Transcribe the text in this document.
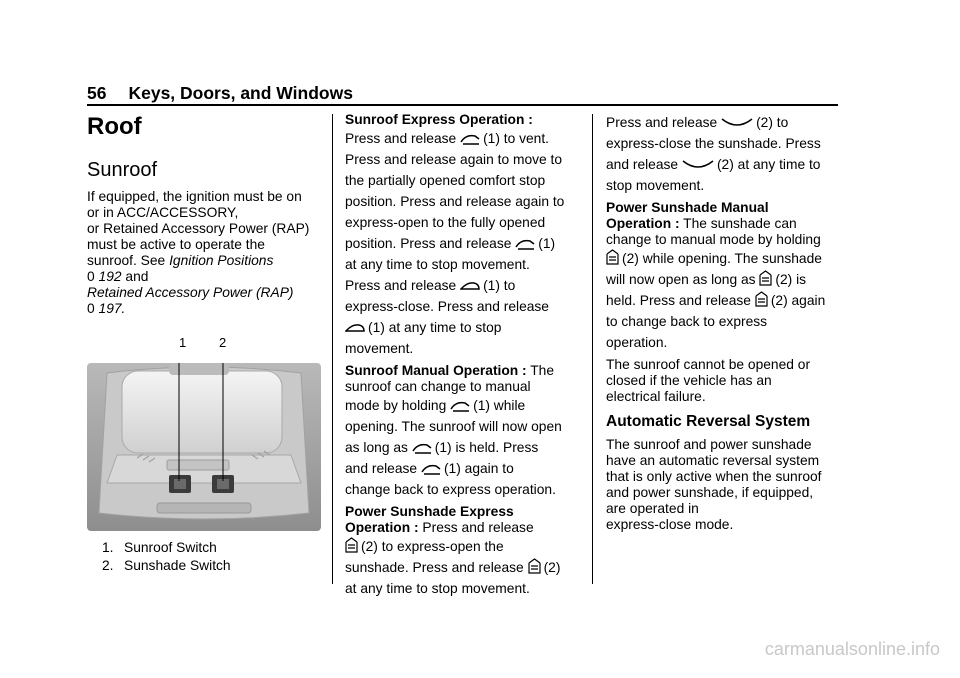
56 Keys, Doors, and Windows
Roof
Sunroof
If equipped, the ignition must be on
or in ACC/ACCESSORY,
or Retained Accessory Power (RAP)
must be active to operate the
sunroof. See Ignition Positions
0 192 and
Retained Accessory Power (RAP)
0 197.
1	2
1. Sunroof Switch
2. Sunshade Switch

Sunroof Express Operation :

Press and release (1) to vent.
Press and release again to move to
the partially opened comfort stop
position. Press and release again to
express-open to the fully opened
position. Press and release (1)
at any time to stop movement.
Press and release (1) to
express-close. Press and release
(1) at any time to stop
movement.
Sunroof Manual Operation : The
sunroof can change to manual
mode by holding (1) while
opening. The sunroof will now open
as long as (1) is held. Press
and release (1) again to
change back to express operation.
Power Sunshade Express
Operation : Press and release
(2) to express-open the
sunshade. Press and release (2)
at any time to stop movement.
Press and release	(2) to
express-close the sunshade. Press
and release	(2) at any time to
stop movement.
Power Sunshade Manual
Operation : The sunshade can
change to manual mode by holding
(2) while opening. The sunshade
will now open as long as (2) is
held. Press and release (2) again
to change back to express
operation.
The sunroof cannot be opened or
closed if the vehicle has an
electrical failure.
Automatic Reversal System
The sunroof and power sunshade
have an automatic reversal system
that is only active when the sunroof
and power sunshade, if equipped,
are operated in
express-close mode.
carmanualsonline.info
